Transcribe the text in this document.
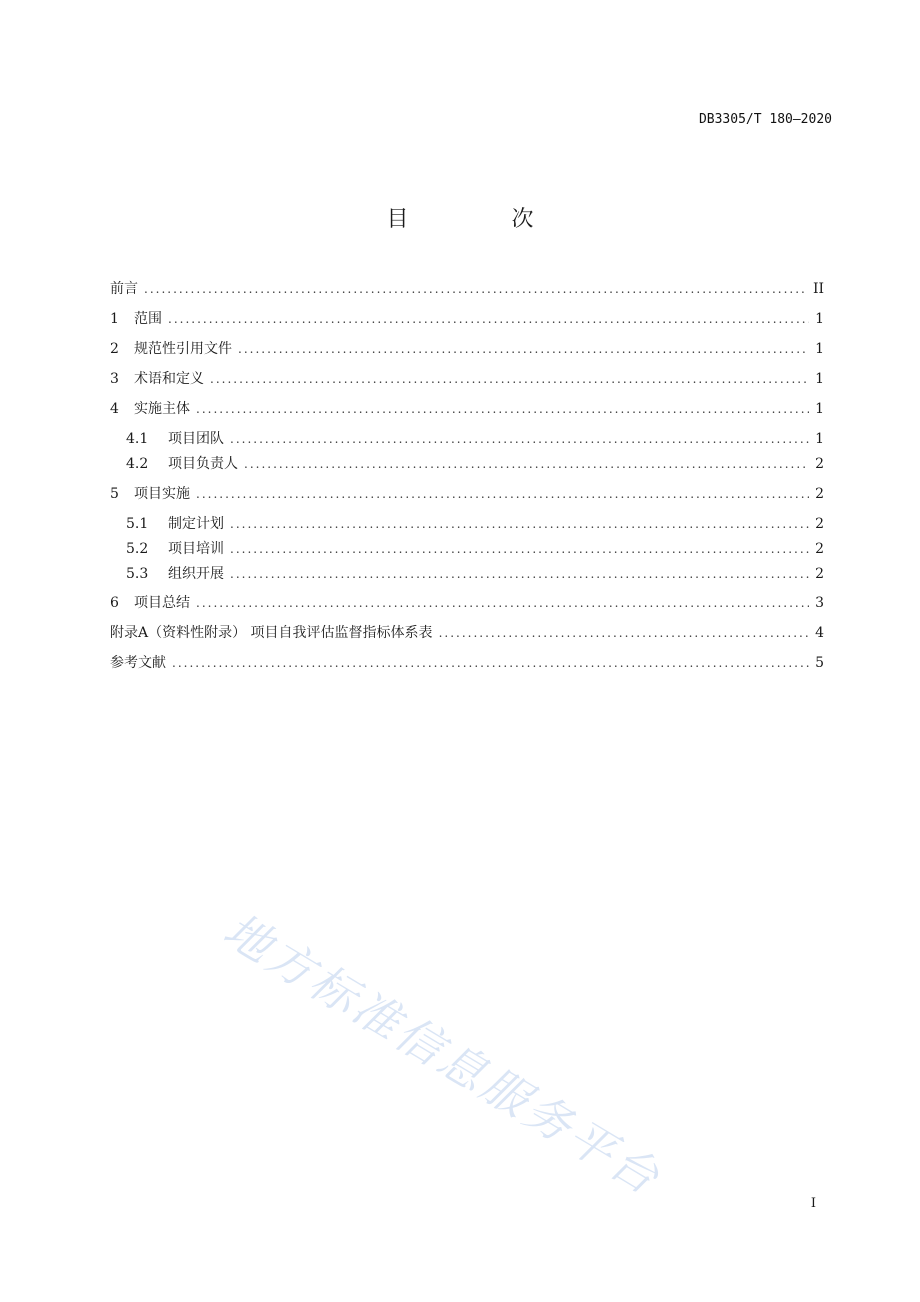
DB3305/T 180—2020
目 次
前言 .....	II
1	范围 .....	1
2	规范性引用文件 .....	1
3	术语和定义 .....	1
4	实施主体 .....	1
4.1	项目团队 .....	1
4.2	项目负责人 .....	2
5	项目实施 .....	2
5.1	制定计划 .....	2
5.2	项目培训 .....	2
5.3	组织开展 .....	2
6	项目总结 .....	3
附录A（资料性附录） 项目自我评估监督指标体系表 .....	4
参考文献 .....	5
地方标准信息服务平台	I
